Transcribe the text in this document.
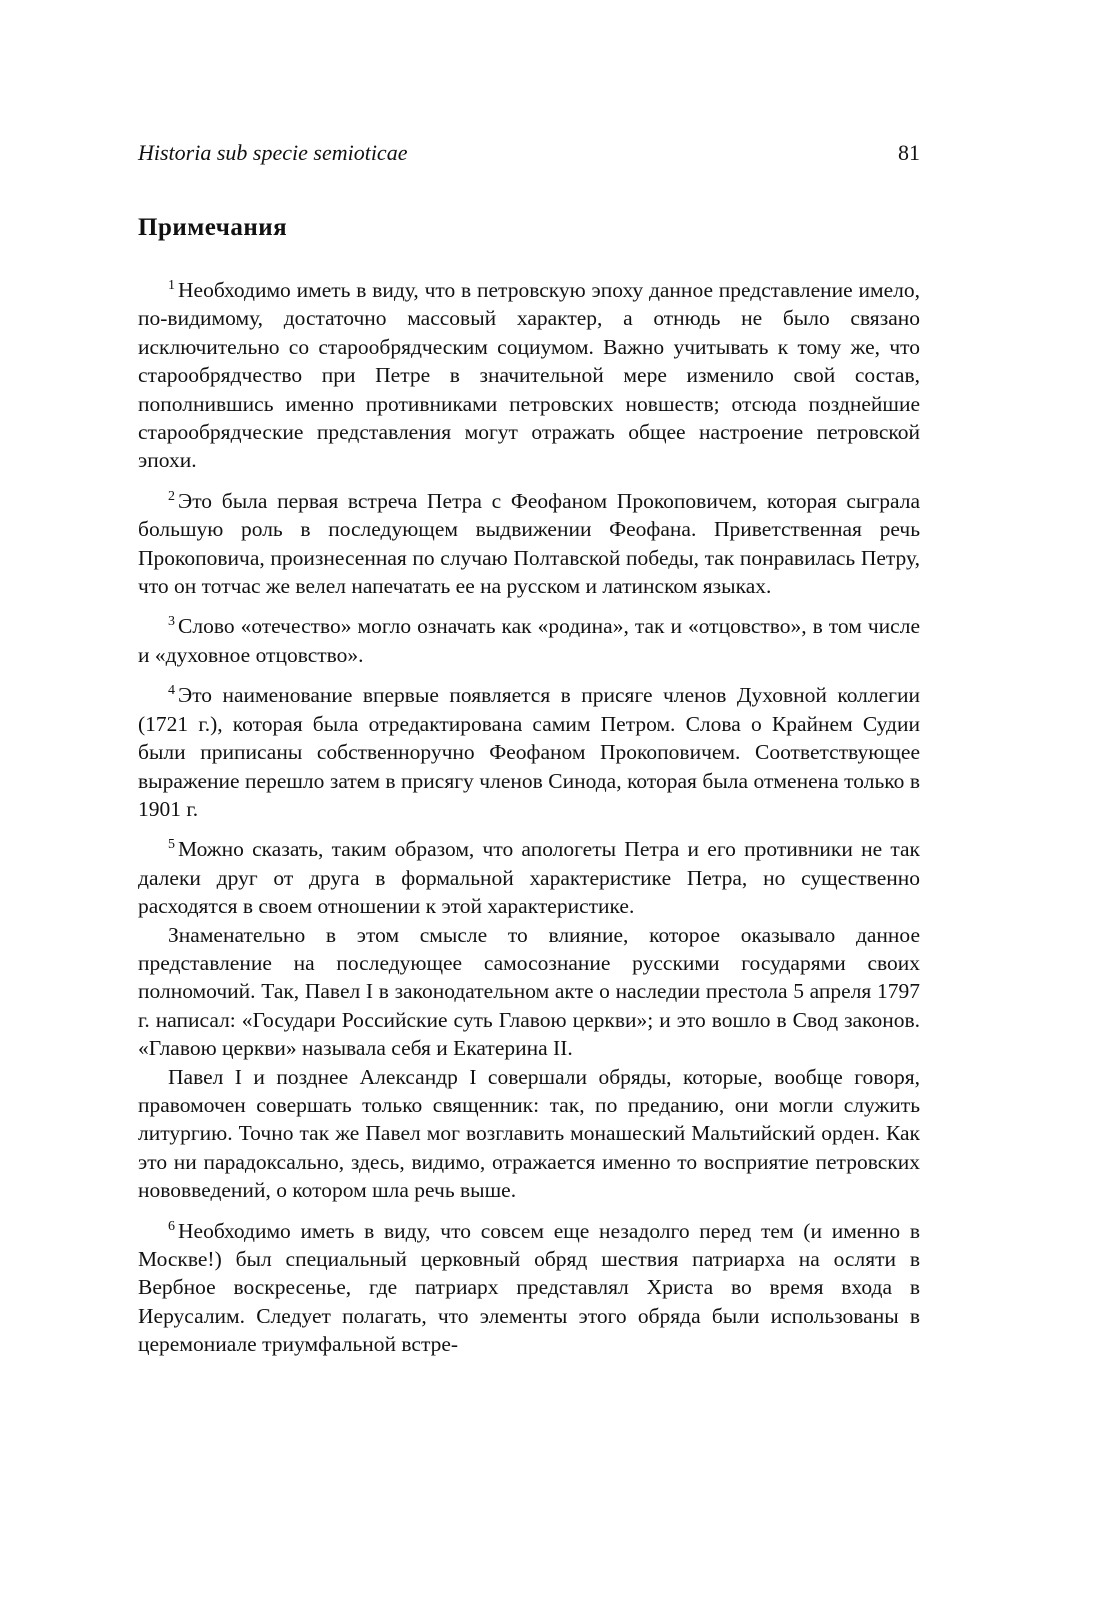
Historia sub specie semioticae	81
Примечания

$^1$ Необходимо иметь в виду, что в петровскую эпоху данное представление имело, по-видимому, достаточно массовый характер, а отнюдь не было связано исключительно со старообрядческим социумом. Важно учитывать к тому же, что старообрядчество при Петре в значительной мере изменило свой состав, пополнившись именно противниками петровских новшеств; отсюда позднейшие старообрядческие представления могут отражать общее настроение петровской эпохи.

$^2$ Это была первая встреча Петра с Феофаном Прокоповичем, которая сыграла большую роль в последующем выдвижении Феофана. Приветственная речь Прокоповича, произнесенная по случаю Полтавской победы, так понравилась Петру, что он тотчас же велел напечатать ее на русском и латинском языках.

$^3$ Слово «отечество» могло означать как «родина», так и «отцовство», в том числе и «духовное отцовство».

$^4$ Это наименование впервые появляется в присяге членов Духовной коллегии (1721 г.), которая была отредактирована самим Петром. Слова о Крайнем Судии были приписаны собственноручно Феофаном Прокоповичем. Соответствующее выражение перешло затем в присягу членов Синода, которая была отменена только в 1901 г.

$^5$ Можно сказать, таким образом, что апологеты Петра и его противники не так далеки друг от друга в формальной характеристике Петра, но существенно расходятся в своем отношении к этой характеристике.

Знаменательно в этом смысле то влияние, которое оказывало данное представление на последующее самосознание русскими государями своих полномочий. Так, Павел I в законодательном акте о наследии престола 5 апреля 1797 г. написал: «Государи Российские суть Главою церкви»; и это вошло в Свод законов. «Главою церкви» называла себя и Екатерина II.

Павел I и позднее Александр I совершали обряды, которые, вообще говоря, правомочен совершать только священник: так, по преданию, они могли служить литургию. Точно так же Павел мог возглавить монашеский Мальтийский орден. Как это ни парадоксально, здесь, видимо, отражается именно то восприятие петровских нововведений, о котором шла речь выше.

$^6$ Необходимо иметь в виду, что совсем еще незадолго перед тем (и именно в Москве!) был специальный церковный обряд шествия патриарха на осляти в Вербное воскресенье, где патриарх представлял Христа во время входа в Иерусалим. Следует полагать, что элементы этого обряда были использованы в церемониале триумфальной встре-
